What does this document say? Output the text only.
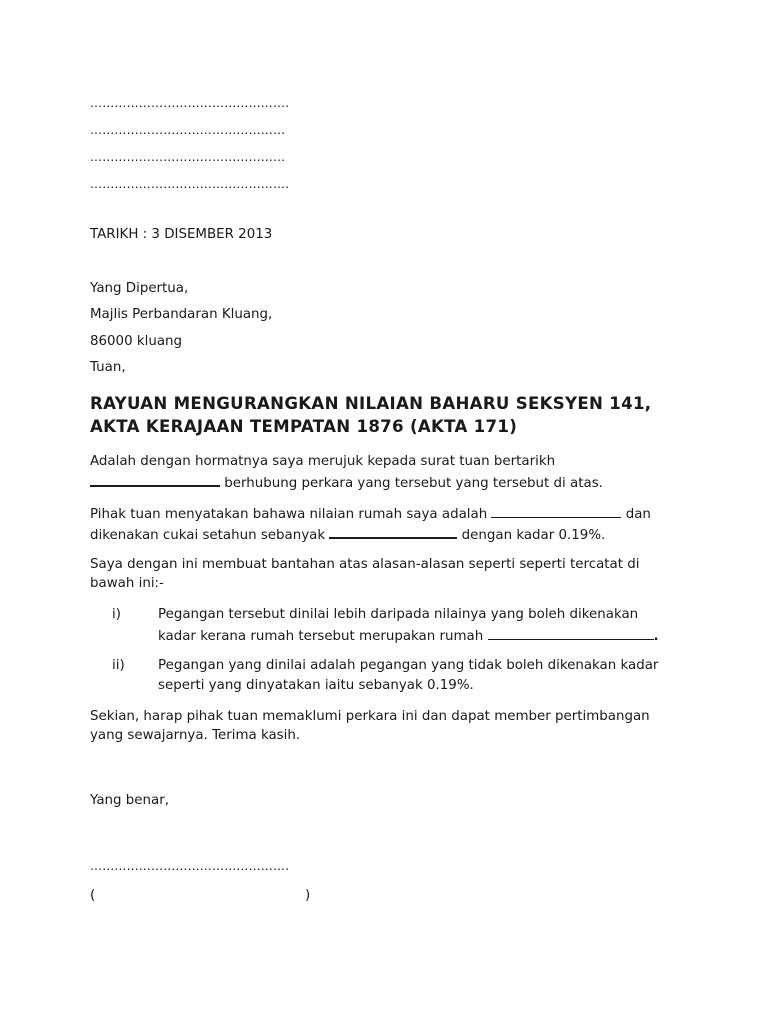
………………………………………….
…………………………………………
…………………………………………
………………………………………….
TARIKH : 3 DISEMBER 2013
Yang Dipertua,
Majlis Perbandaran Kluang,
86000 kluang
Tuan,
RAYUAN MENGURANGKAN NILAIAN BAHARU SEKSYEN 141,
AKTA KERAJAAN TEMPATAN 1876 (AKTA 171)
Adalah dengan hormatnya saya merujuk kepada surat tuan bertarikh
berhubung perkara yang tersebut yang tersebut di atas.
Pihak tuan menyatakan bahawa nilaian rumah saya adalah	dan
dikenakan cukai setahun sebanyak	dengan kadar 0.19%.
Saya dengan ini membuat bantahan atas alasan-alasan seperti seperti tercatat di
bawah ini:-
i)	Pegangan tersebut dinilai lebih daripada nilainya yang boleh dikenakan
kadar kerana rumah tersebut merupakan rumah	.
ii) Pegangan yang dinilai adalah pegangan yang tidak boleh dikenakan kadar
seperti yang dinyatakan iaitu sebanyak 0.19%.
Sekian, harap pihak tuan memaklumi perkara ini dan dapat member pertimbangan
yang sewajarnya. Terima kasih.
Yang benar,
………………………………………….
(	)
